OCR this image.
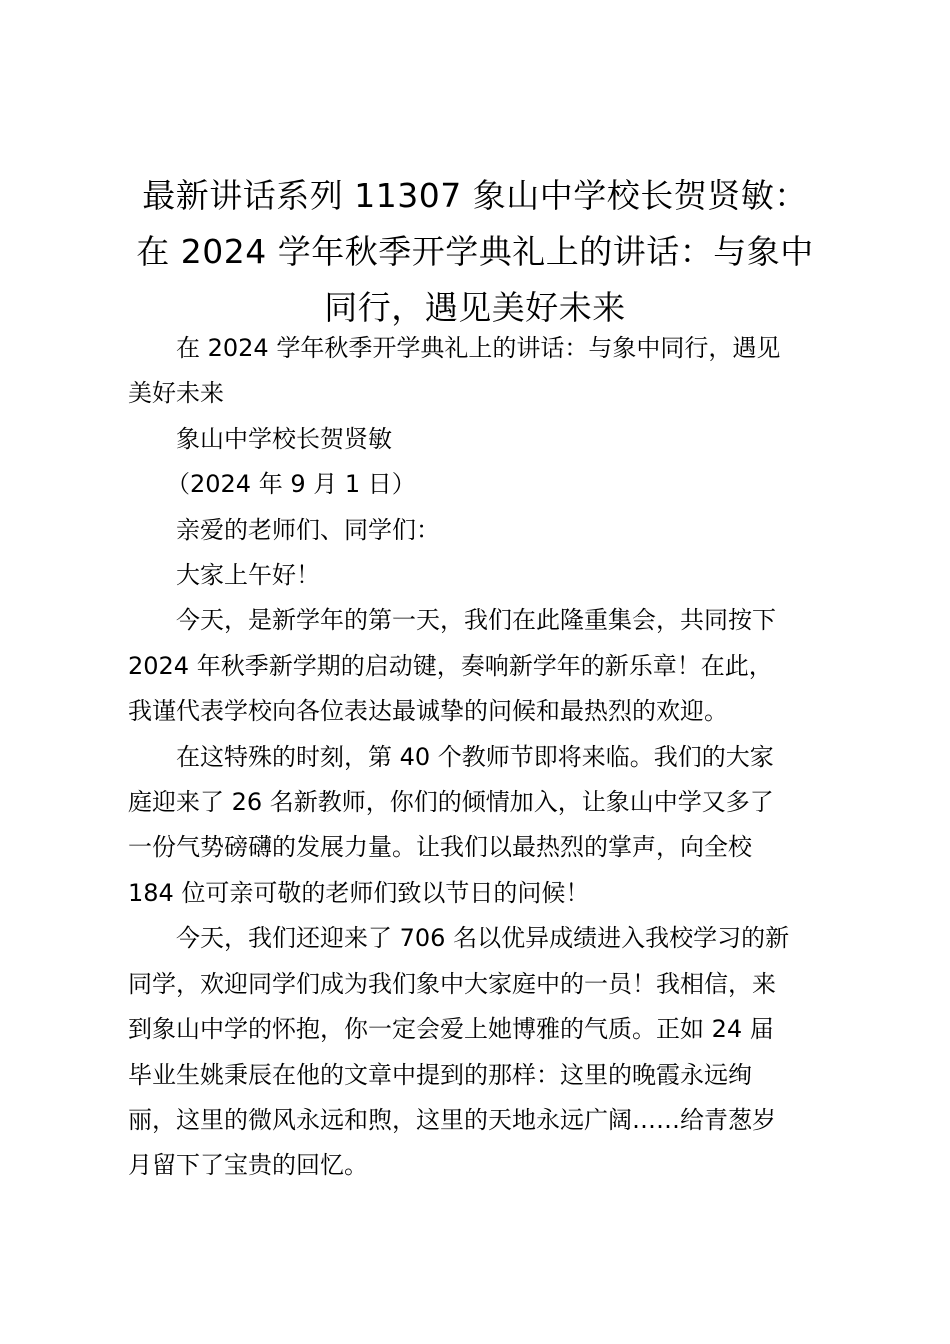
最新讲话系列 11307 象山中学校长贺贤敏：
在 2024 学年秋季开学典礼上的讲话：与象中
同行，遇见美好未来

在 2024 学年秋季开学典礼上的讲话：与象中同行，遇见
美好未来

象山中学校长贺贤敏

（2024 年 9 月 1 日）

亲爱的老师们、同学们：

大家上午好！

今天，是新学年的第一天，我们在此隆重集会，共同按下
2024 年秋季新学期的启动键，奏响新学年的新乐章！在此，
我谨代表学校向各位表达最诚挚的问候和最热烈的欢迎。

在这特殊的时刻，第 40 个教师节即将来临。我们的大家
庭迎来了 26 名新教师，你们的倾情加入，让象山中学又多了
一份气势磅礴的发展力量。让我们以最热烈的掌声，向全校
184 位可亲可敬的老师们致以节日的问候！

今天，我们还迎来了 706 名以优异成绩进入我校学习的新
同学，欢迎同学们成为我们象中大家庭中的一员！我相信，来
到象山中学的怀抱，你一定会爱上她博雅的气质。正如 24 届
毕业生姚秉辰在他的文章中提到的那样：这里的晚霞永远绚
丽，这里的微风永远和煦，这里的天地永远广阔……给青葱岁
月留下了宝贵的回忆。
